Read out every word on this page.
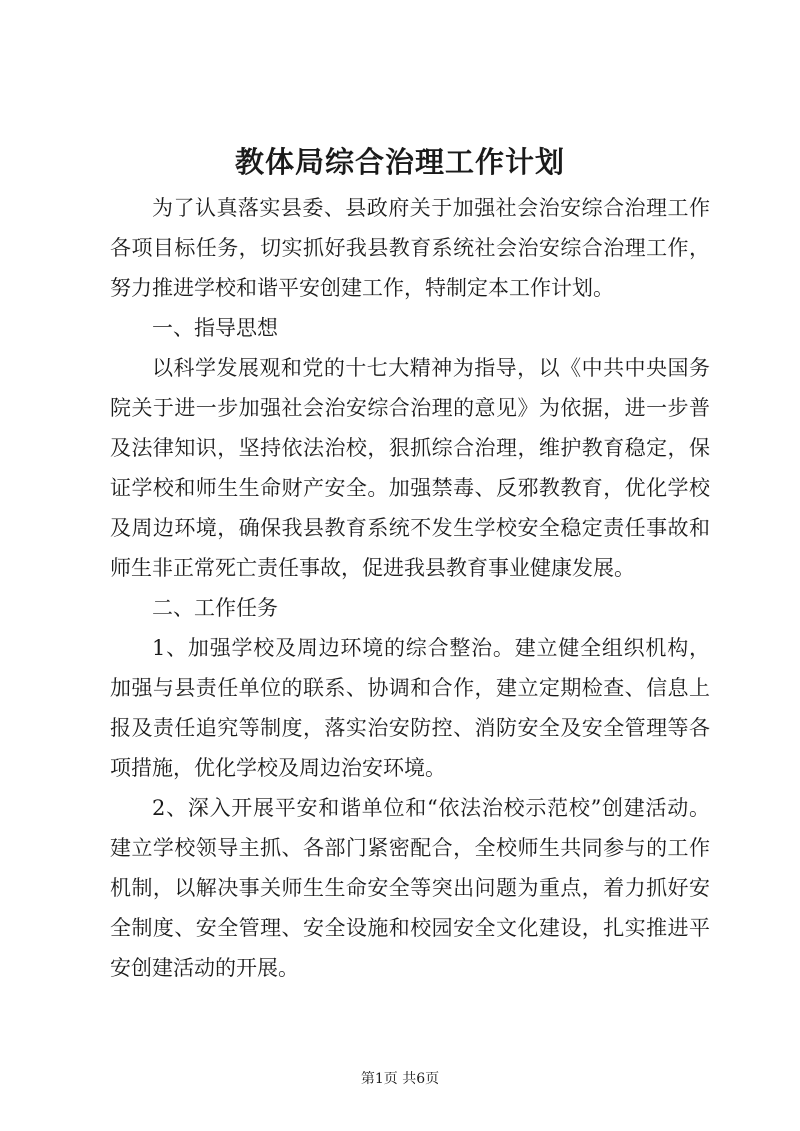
教体局综合治理工作计划

为了认真落实县委、县政府关于加强社会治安综合治理工作

各项目标任务，切实抓好我县教育系统社会治安综合治理工作，

努力推进学校和谐平安创建工作，特制定本工作计划。

一、指导思想

以科学发展观和党的十七大精神为指导，以《中共中央国务

院关于进一步加强社会治安综合治理的意见》为依据，进一步普

及法律知识，坚持依法治校，狠抓综合治理，维护教育稳定，保

证学校和师生生命财产安全。加强禁毒、反邪教教育，优化学校

及周边环境，确保我县教育系统不发生学校安全稳定责任事故和

师生非正常死亡责任事故，促进我县教育事业健康发展。

二、工作任务

1、加强学校及周边环境的综合整治。建立健全组织机构，

加强与县责任单位的联系、协调和合作，建立定期检查、信息上

报及责任追究等制度，落实治安防控、消防安全及安全管理等各

项措施，优化学校及周边治安环境。

2、深入开展平安和谐单位和“依法治校示范校”创建活动。

建立学校领导主抓、各部门紧密配合，全校师生共同参与的工作

机制，以解决事关师生生命安全等突出问题为重点，着力抓好安

全制度、安全管理、安全设施和校园安全文化建设，扎实推进平

安创建活动的开展。

第1页 共6页
